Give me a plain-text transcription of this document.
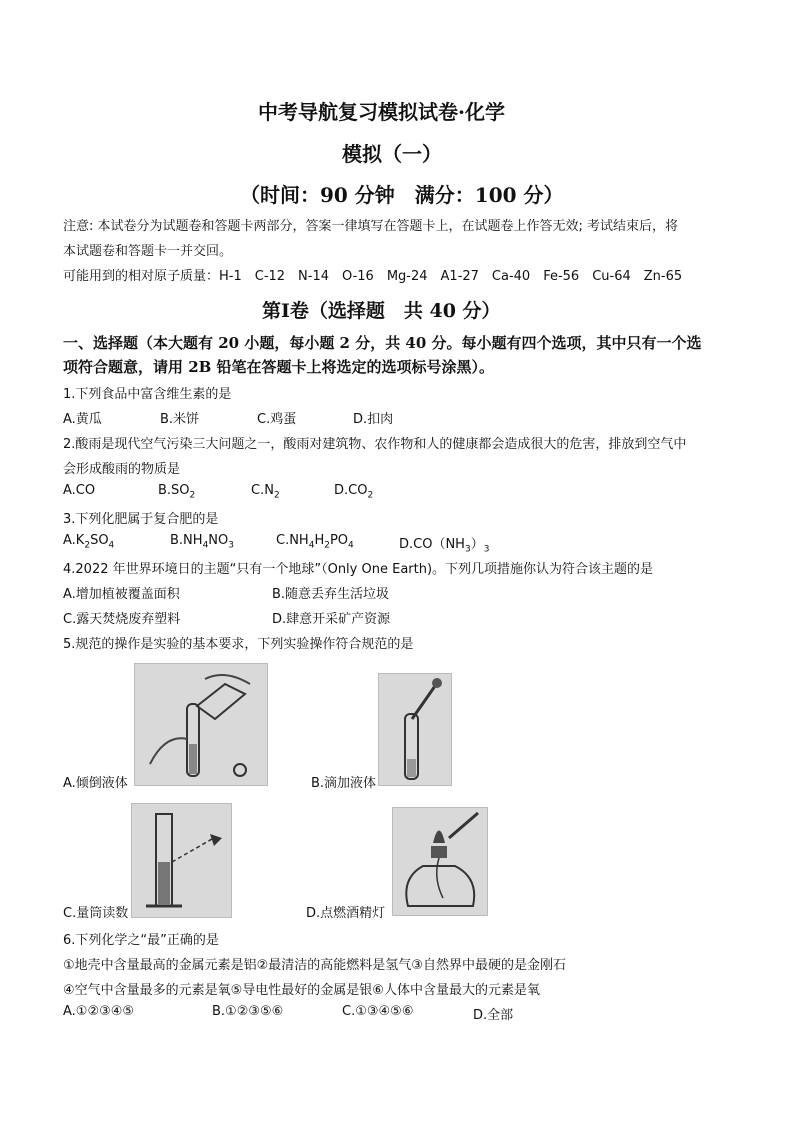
中考导航复习模拟试卷·化学
模拟（一）
（时间：90 分钟　满分：100 分）
注意: 本试卷分为试题卷和答题卡两部分，答案一律填写在答题卡上，在试题卷上作答无效; 考试结束后，将
本试题卷和答题卡一并交回。
可能用到的相对原子质量：H-1　C-12　N-14　O-16　Mg-24　A1-27　Ca-40　Fe-56　Cu-64　Zn-65
第Ⅰ卷（选择题　共 40 分）
一、选择题（本大题有 20 小题，每小题 2 分，共 40 分。每小题有四个选项，其中只有一个选
项符合题意，请用 2B 铅笔在答题卡上将选定的选项标号涂黑）。
1.下列食品中富含维生素的是
A.黄瓜	B.米饼	C.鸡蛋	D.扣肉
2.酸雨是现代空气污染三大问题之一，酸雨对建筑物、农作物和人的健康都会造成很大的危害，排放到空气中
会形成酸雨的物质是
A.CO	$B.SO_2$	$C.N_2$	$D.CO_2$
3.下列化肥属于复合肥的是
$A.K_2SO_4$	$B.NH_4NO_3$	$C.NH_4H_2PO_4$	$D.CO(NH_3)_3$
4.2022 年世界环境日的主题“只有一个地球”（Only One Earth)。下列几项措施你认为符合该主题的是
A.增加植被覆盖面积	B.随意丢弃生活垃圾
C.露天焚烧废弃塑料	D.肆意开采矿产资源
5.规范的操作是实验的基本要求，下列实验操作符合规范的是
A.倾倒液体	B.滴加液体
C.量筒读数	D.点燃酒精灯
6.下列化学之“最”正确的是
①地壳中含量最高的金属元素是铝②最清洁的高能燃料是氢气③自然界中最硬的是金刚石
④空气中含量最多的元素是氧⑤导电性最好的金属是银⑥人体中含量最大的元素是氧
A.①②③④⑤	B.①②③⑤⑥	C.①③④⑤⑥	D.全部
